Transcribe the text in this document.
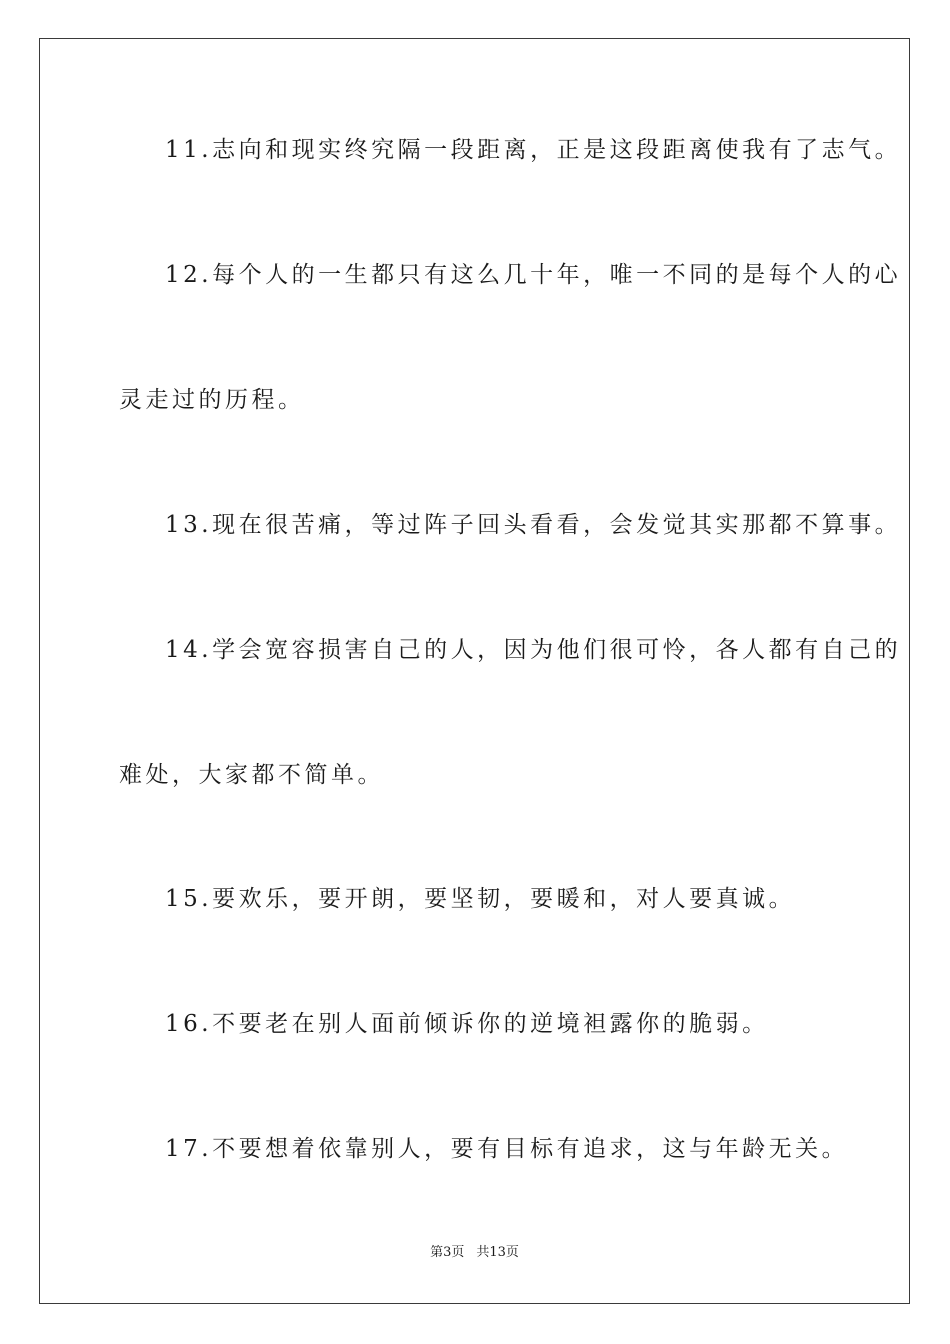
11.志向和现实终究隔一段距离，正是这段距离使我有了志气。
12.每个人的一生都只有这么几十年，唯一不同的是每个人的心
灵走过的历程。
13.现在很苦痛，等过阵子回头看看，会发觉其实那都不算事。
14.学会宽容损害自己的人，因为他们很可怜，各人都有自己的
难处，大家都不简单。
15.要欢乐，要开朗，要坚韧，要暖和，对人要真诚。
16.不要老在别人面前倾诉你的逆境袒露你的脆弱。
17.不要想着依靠别人，要有目标有追求，这与年龄无关。
第3页 共13页
